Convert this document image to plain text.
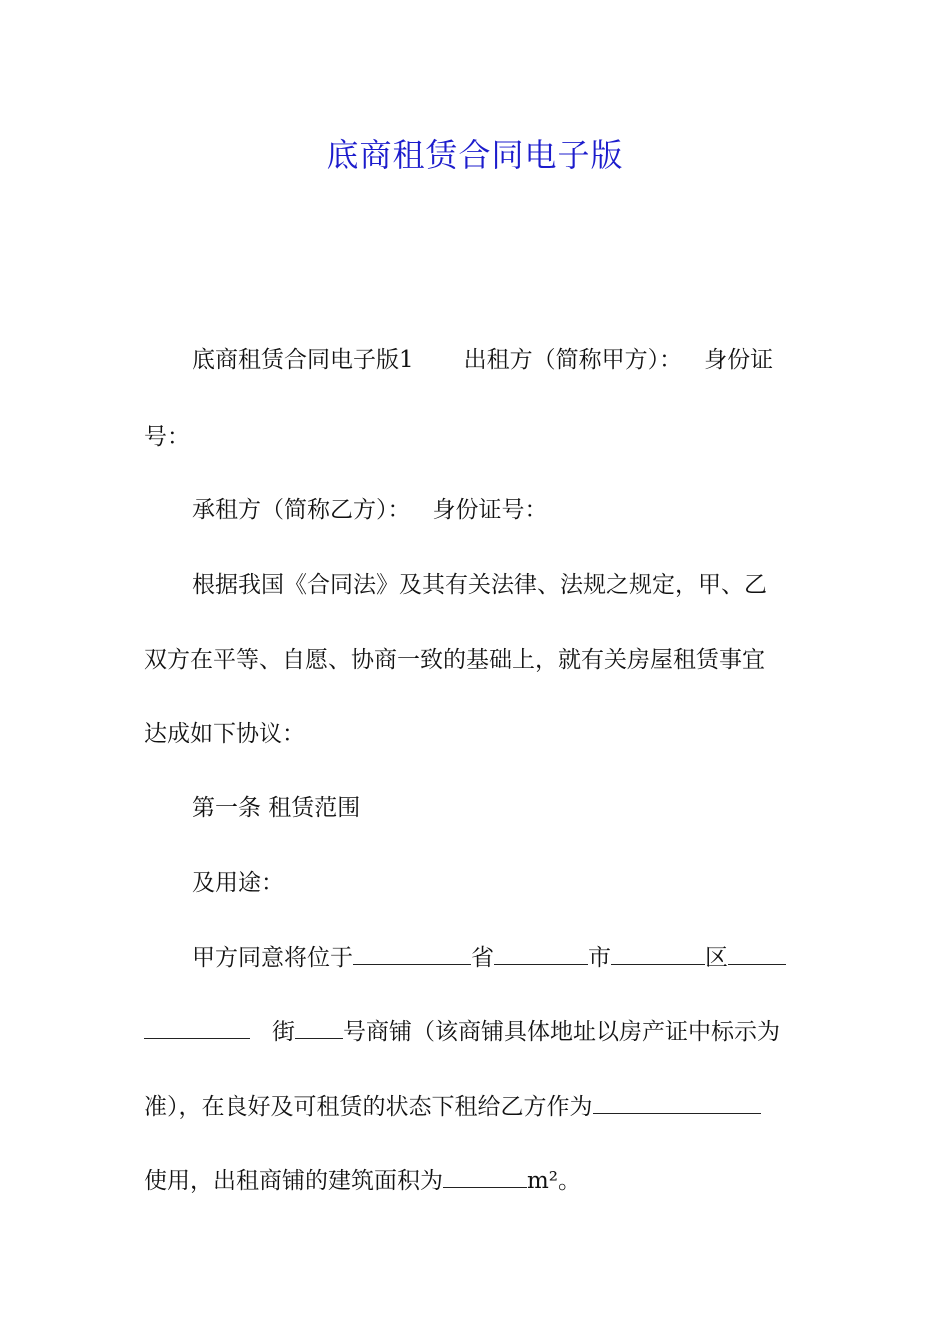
底商租赁合同电子版
底商租赁合同电子版1 出租方（简称甲方）： 身份证
号：
承租方（简称乙方）： 身份证号：
根据我国《合同法》及其有关法律、法规之规定，甲、乙
双方在平等、自愿、协商一致的基础上，就有关房屋租赁事宜
达成如下协议：
第一条 租赁范围
及用途：
甲方同意将位于	省	市	区
街 号商铺（该商铺具体地址以房产证中标示为
准），在良好及可租赁的状态下租给乙方作为
使用，出租商铺的建筑面积为	m²。
